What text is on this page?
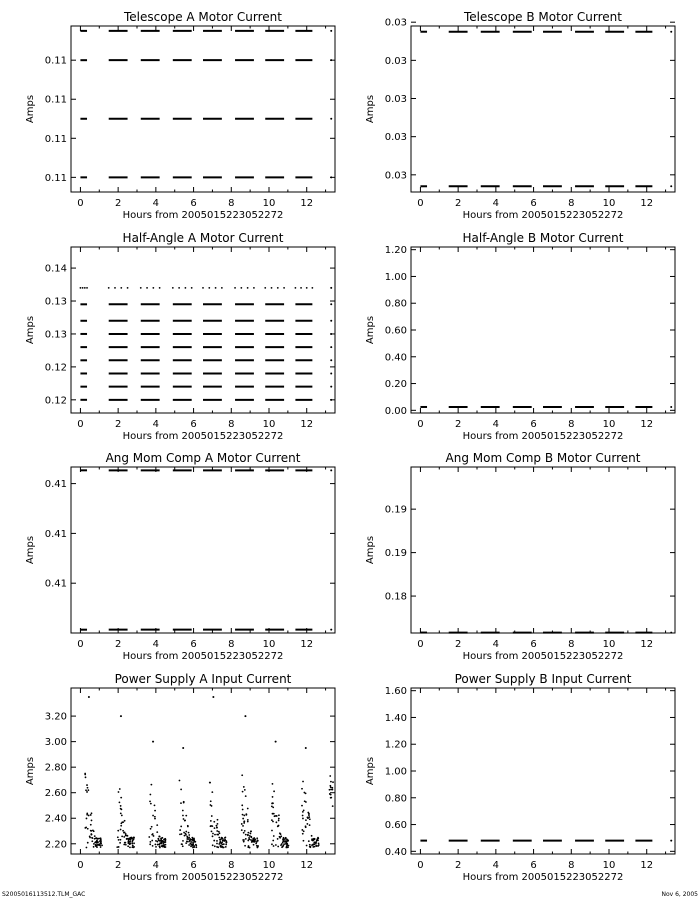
Telescope A Motor Current
0	2	4	6	8	10 12
Hours from 2005015223052272
0.11
0.11
0.11
0.11
Amps
Telescope B Motor Current
0	2	4	6	8	10 12
Hours from 2005015223052272
0.03
0.03
0.03
0.03
0.03
Amps
Half-Angle A Motor Current
0	2	4	6	8	10 12
Hours from 2005015223052272
0.12
0.12
0.13
0.13
0.14
Amps
Half-Angle B Motor Current
0	2	4	6	8	10 12
Hours from 2005015223052272
0.00
0.20
0.40
0.60
0.80
1.00
1.20
Amps
Ang Mom Comp A Motor Current
0	2	4	6	8	10 12
Hours from 2005015223052272
0.41
0.41
0.41
Amps
Ang Mom Comp B Motor Current
0	2	4	6	8	10 12
Hours from 2005015223052272
0.18
0.19
0.19
Amps
Power Supply A Input Current
0	2	4	6	8	10 12
Hours from 2005015223052272
2.20
2.40
2.60
2.80
3.00
3.20
Amps
Power Supply B Input Current
0	2	4	6	8	10 12
Hours from 2005015223052272
0.40
0.60
0.80
1.00
1.20
1.40
1.60
Amps
S2005016113512.TLM_GAC	Nov 6, 2005
